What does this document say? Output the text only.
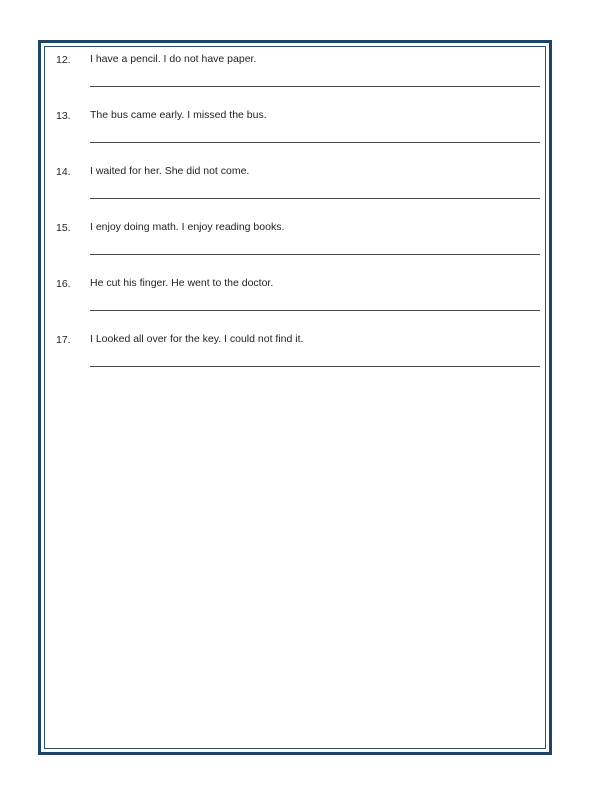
12.	I have a pencil. I do not have paper.
13.	The bus came early. I missed the bus.
14.	I waited for her. She did not come.
15.	I enjoy doing math. I enjoy reading books.
16.	He cut his finger. He went to the doctor.
17.	I Looked all over for the key. I could not find it.
